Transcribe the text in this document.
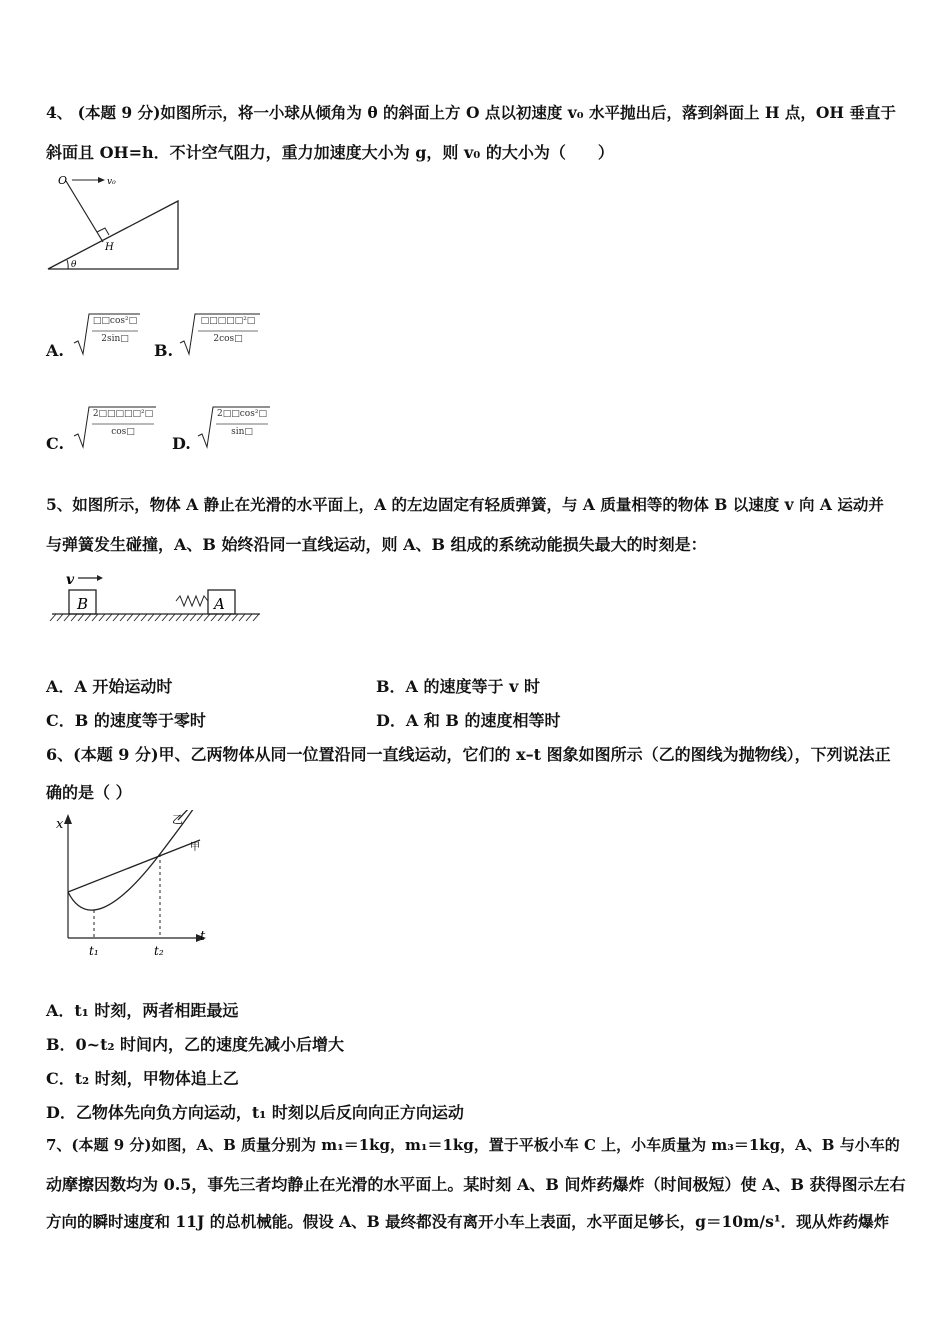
4、 (本题 9 分)如图所示，将一小球从倾角为 θ 的斜面上方 O 点以初速度 v₀ 水平抛出后，落到斜面上 H 点，OH 垂直于
斜面且 OH=h．不计空气阻力，重力加速度大小为 g，则 v₀ 的大小为（　　）
O	v₀
H
θ
A.
□□cos²□
2sin□
B.
□□□□□²□
2cos□
C.
2□□□□□²□
cos□
D.
2□□cos²□
sin□
5、如图所示，物体 A 静止在光滑的水平面上，A 的左边固定有轻质弹簧，与 A 质量相等的物体 B 以速度 v 向 A 运动并
与弹簧发生碰撞，A、B 始终沿同一直线运动，则 A、B 组成的系统动能损失最大的时刻是：
v
B	A
A．A 开始运动时	B．A 的速度等于 v 时
C．B 的速度等于零时	D．A 和 B 的速度相等时
6、(本题 9 分)甲、乙两物体从同一位置沿同一直线运动，它们的 x–t 图象如图所示（乙的图线为抛物线），下列说法正
确的是（ ）
x
t
乙
甲
t₁	t₂
A．t₁ 时刻，两者相距最远
B．0~t₂ 时间内，乙的速度先减小后增大
C．t₂ 时刻，甲物体追上乙
D．乙物体先向负方向运动，t₁ 时刻以后反向向正方向运动
7、(本题 9 分)如图，A、B 质量分别为 m₁＝1kg，m₁＝1kg，置于平板小车 C 上，小车质量为 m₃＝1kg，A、B 与小车的
动摩擦因数均为 0.5，事先三者均静止在光滑的水平面上。某时刻 A、B 间炸药爆炸（时间极短）使 A、B 获得图示左右
方向的瞬时速度和 11J 的总机械能。假设 A、B 最终都没有离开小车上表面，水平面足够长，g＝10m/s¹．现从炸药爆炸
